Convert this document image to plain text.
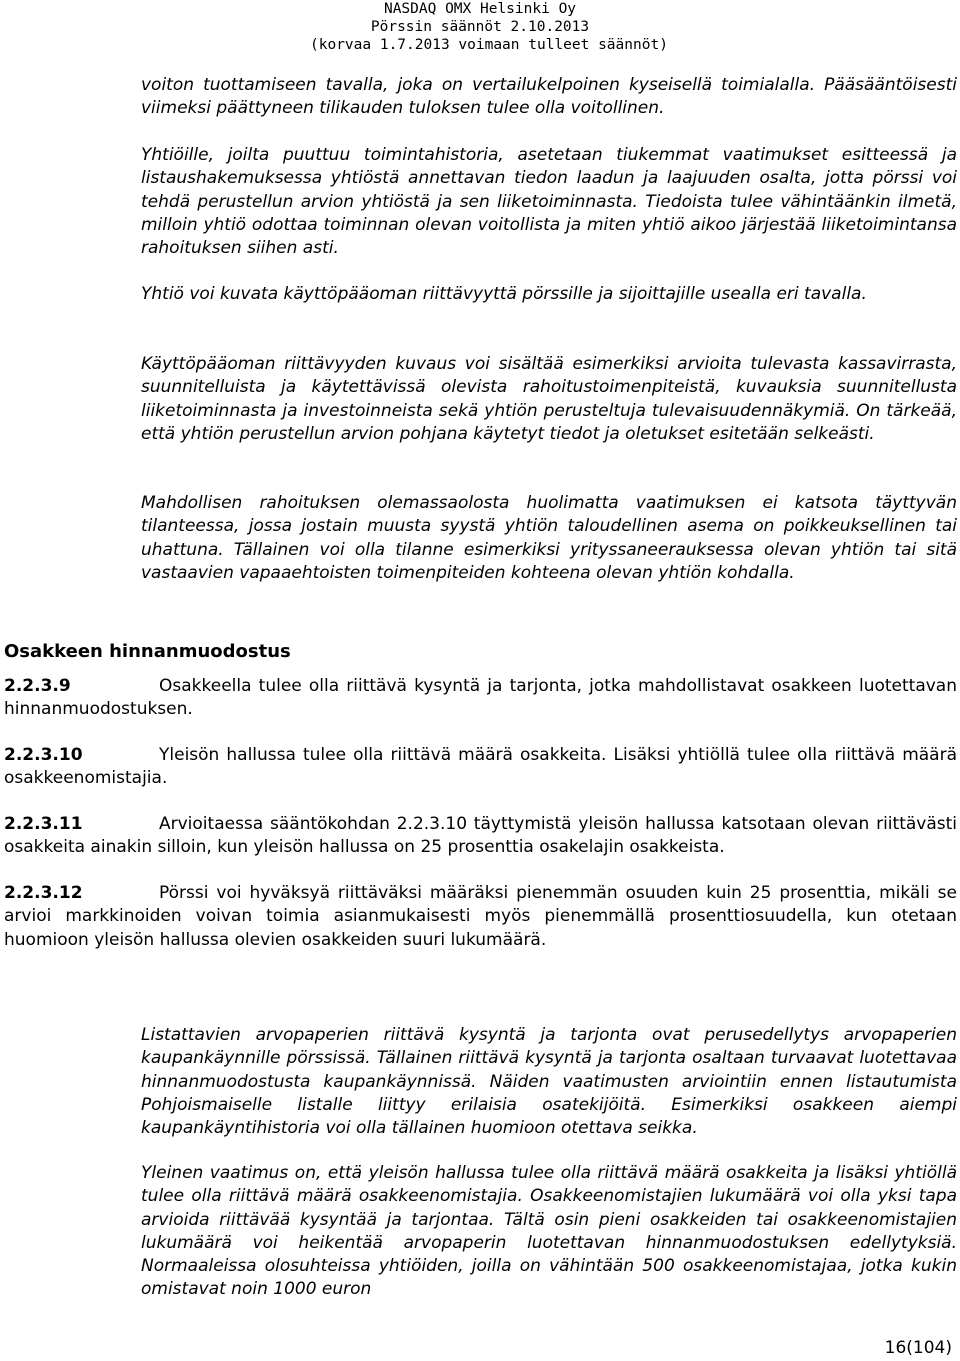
NASDAQ OMX Helsinki Oy
Pörssin säännöt 2.10.2013
(korvaa 1.7.2013 voimaan tulleet säännöt)

voiton tuottamiseen tavalla, joka on vertailukelpoinen kyseisellä toimialalla. Pääsääntöisesti viimeksi päättyneen tilikauden tuloksen tulee olla voitollinen.

Yhtiöille, joilta puuttuu toimintahistoria, asetetaan tiukemmat vaatimukset esitteessä ja listaushakemuksessa yhtiöstä annettavan tiedon laadun ja laajuuden osalta, jotta pörssi voi tehdä perustellun arvion yhtiöstä ja sen liiketoiminnasta. Tiedoista tulee vähintäänkin ilmetä, milloin yhtiö odottaa toiminnan olevan voitollista ja miten yhtiö aikoo järjestää liiketoimintansa rahoituksen siihen asti.

Yhtiö voi kuvata käyttöpääoman riittävyyttä pörssille ja sijoittajille usealla eri tavalla.

Käyttöpääoman riittävyyden kuvaus voi sisältää esimerkiksi arvioita tulevasta kassavirrasta, suunnitelluista ja käytettävissä olevista rahoitustoimenpiteistä, kuvauksia suunnitellusta liiketoiminnasta ja investoinneista sekä yhtiön perusteltuja tulevaisuudennäkymiä. On tärkeää, että yhtiön perustellun arvion pohjana käytetyt tiedot ja oletukset esitetään selkeästi.

Mahdollisen rahoituksen olemassaolosta huolimatta vaatimuksen ei katsota täyttyvän tilanteessa, jossa jostain muusta syystä yhtiön taloudellinen asema on poikkeuksellinen tai uhattuna. Tällainen voi olla tilanne esimerkiksi yrityssaneerauksessa olevan yhtiön tai sitä vastaavien vapaaehtoisten toimenpiteiden kohteena olevan yhtiön kohdalla.

Osakkeen hinnanmuodostus

2.2.3.9	Osakkeella tulee olla riittävä kysyntä ja tarjonta, jotka mahdollistavat osakkeen luotettavan hinnanmuodostuksen.

2.2.3.10	Yleisön hallussa tulee olla riittävä määrä osakkeita. Lisäksi yhtiöllä tulee olla riittävä määrä osakkeenomistajia.

2.2.3.11	Arvioitaessa sääntökohdan 2.2.3.10 täyttymistä yleisön hallussa katsotaan olevan riittävästi osakkeita ainakin silloin, kun yleisön hallussa on 25 prosenttia osakelajin osakkeista.

2.2.3.12	Pörssi voi hyväksyä riittäväksi määräksi pienemmän osuuden kuin 25 prosenttia, mikäli se arvioi markkinoiden voivan toimia asianmukaisesti myös pienemmällä prosenttiosuudella, kun otetaan huomioon yleisön hallussa olevien osakkeiden suuri lukumäärä.

Listattavien arvopaperien riittävä kysyntä ja tarjonta ovat perusedellytys arvopaperien kaupankäynnille pörssissä. Tällainen riittävä kysyntä ja tarjonta osaltaan turvaavat luotettavaa hinnanmuodostusta kaupankäynnissä. Näiden vaatimusten arviointiin ennen listautumista Pohjoismaiselle listalle liittyy erilaisia osatekijöitä. Esimerkiksi osakkeen aiempi kaupankäyntihistoria voi olla tällainen huomioon otettava seikka.

Yleinen vaatimus on, että yleisön hallussa tulee olla riittävä määrä osakkeita ja lisäksi yhtiöllä tulee olla riittävä määrä osakkeenomistajia. Osakkeenomistajien lukumäärä voi olla yksi tapa arvioida riittävää kysyntää ja tarjontaa. Tältä osin pieni osakkeiden tai osakkeenomistajien lukumäärä voi heikentää arvopaperin luotettavan hinnanmuodostuksen edellytyksiä. Normaaleissa olosuhteissa yhtiöiden, joilla on vähintään 500 osakkeenomistajaa, jotka kukin omistavat noin 1000 euron

16(104)
